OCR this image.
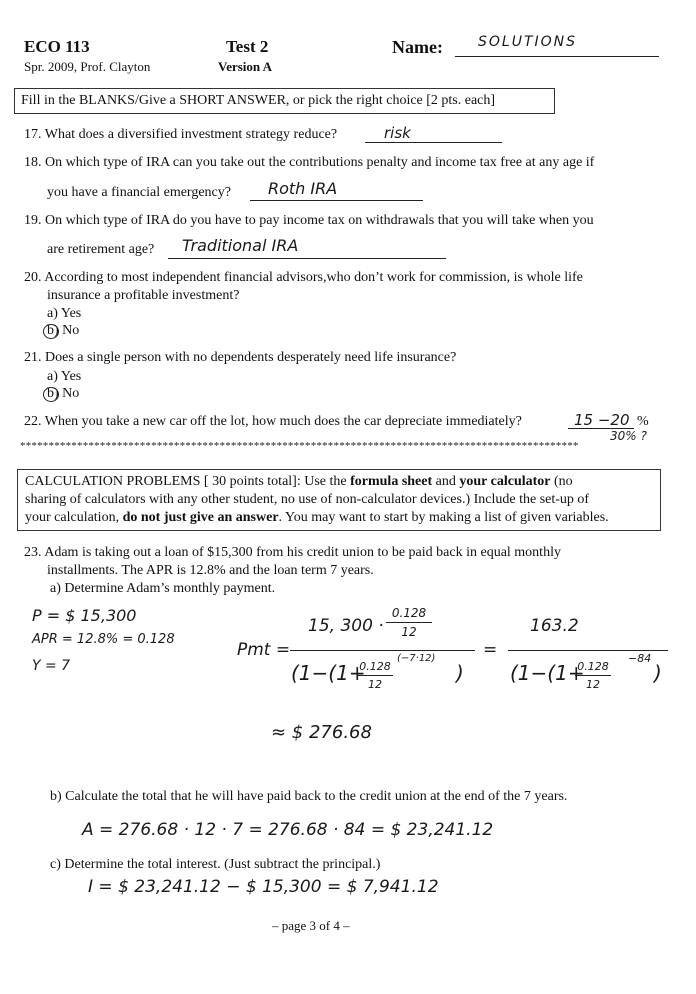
ECO 113
Spr. 2009, Prof. Clayton
Test 2
Version A
Name:	SOLUTIONS
Fill in the BLANKS/Give a SHORT ANSWER, or pick the right choice [2 pts. each]
17. What does a diversified investment strategy reduce?	risk
18. On which type of IRA can you take out the contributions penalty and income tax free at any age if
you have a financial emergency? Roth IRA
19. On which type of IRA do you have to pay income tax on withdrawals that you will take when you
are retirement age? Traditional IRA
20. According to most independent financial advisors,who don’t work for commission, is whole life
insurance a profitable investment?
a) Yes
b) No
21. Does a single person with no dependents desperately need life insurance?
a) Yes
b) No
22. When you take a new car off the lot, how much does the car depreciate immediately?	15 −20 %
30% ?
**************************************************************************************************
CALCULATION PROBLEMS [ 30 points total]: Use the formula sheet and your calculator (no
sharing of calculators with any other student, no use of non-calculator devices.) Include the set-up of
your calculation, do not just give an answer. You may want to start by making a list of given variables.
23. Adam is taking out a loan of $15,300 from his credit union to be paid back in equal monthly
installments. The APR is 12.8% and the loan term 7 years.
a) Determine Adam’s monthly payment.
P = $ 15,300
APR = 12.8% = 0.128
Y = 7
Pmt =
15, 300 ·
0.128
12
(1−(1+
0.128
12
(−7·12)
)
=
163.2
(1−(1+
0.128
12
−84
)
≈ $ 276.68
b) Calculate the total that he will have paid back to the credit union at the end of the 7 years.
A = 276.68 · 12 · 7 = 276.68 · 84 = $ 23,241.12
c) Determine the total interest. (Just subtract the principal.)
I = $ 23,241.12 − $ 15,300 = $ 7,941.12
– page 3 of 4 –
